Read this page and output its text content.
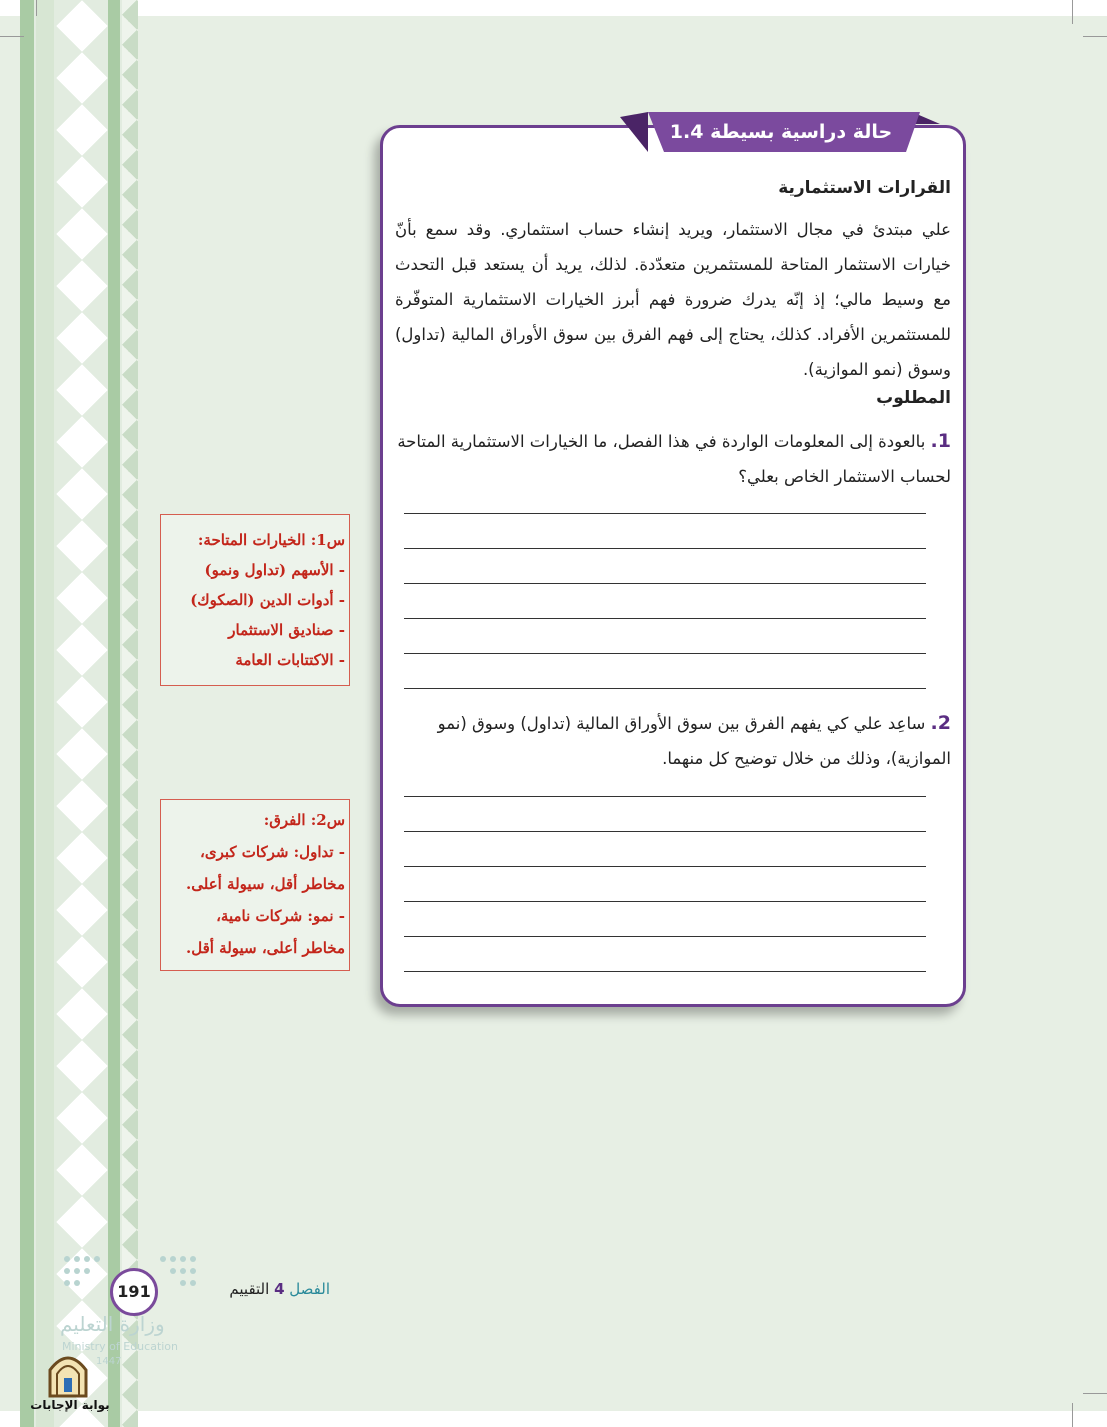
حالة دراسية بسيطة 1.4
القرارات الاستثمارية
علي مبتدئ في مجال الاستثمار، ويريد إنشاء حساب استثماري. وقد سمع بأنّ خيارات الاستثمار المتاحة للمستثمرين متعدّدة. لذلك، يريد أن يستعد قبل التحدث مع وسيط مالي؛ إذ إنّه يدرك ضرورة فهم أبرز الخيارات الاستثمارية المتوفّرة للمستثمرين الأفراد. كذلك، يحتاج إلى فهم الفرق بين سوق الأوراق المالية (تداول) وسوق (نمو الموازية).
المطلوب
1. بالعودة إلى المعلومات الواردة في هذا الفصل، ما الخيارات الاستثمارية المتاحة لحساب الاستثمار الخاص بعلي؟
2. ساعِد علي كي يفهم الفرق بين سوق الأوراق المالية (تداول) وسوق (نمو الموازية)، وذلك من خلال توضيح كل منهما.
س1: الخيارات المتاحة:
- الأسهم (تداول ونمو)
- أدوات الدين (الصكوك)
- صناديق الاستثمار
- الاكتتابات العامة
س2: الفرق:
- تداول: شركات كبرى،
مخاطر أقل، سيولة أعلى.
- نمو: شركات نامية،
مخاطر أعلى، سيولة أقل.
191	الفصل 4 التقييم
وزارة التعليم
Ministry of Education
1447
بوابة الإجابات
